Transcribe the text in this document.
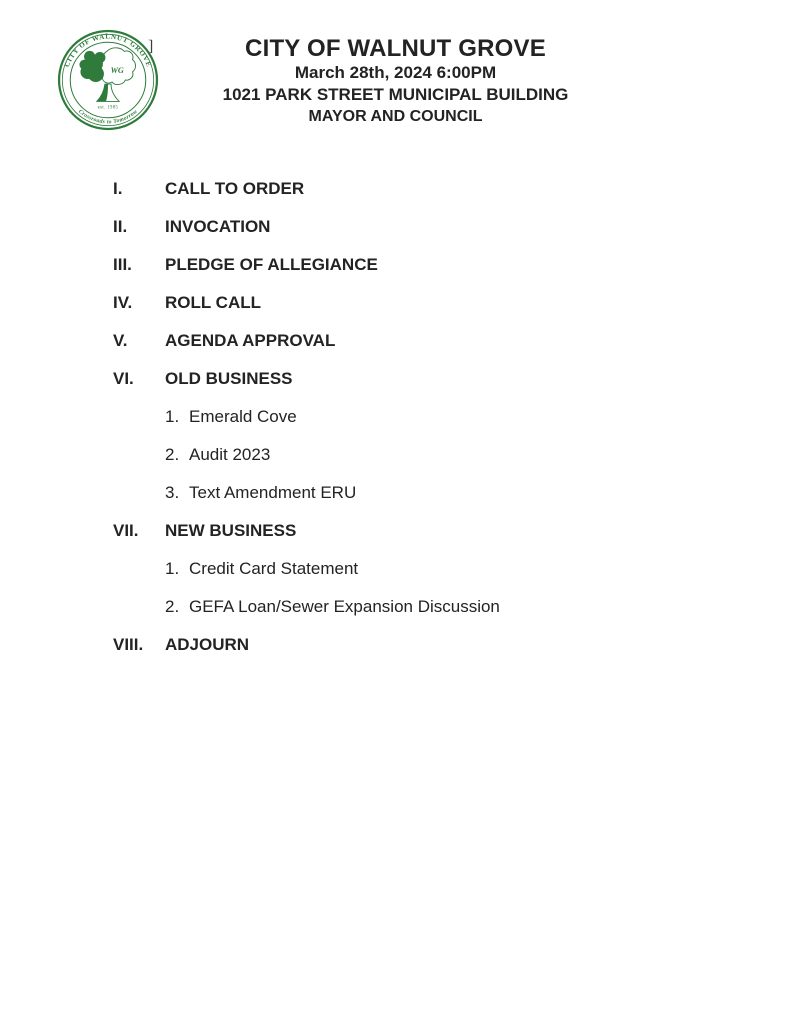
WG
est. 1985
CITY OF WALNUT GROVE
Crossroads to Tomorrow
]	CITY OF WALNUT GROVE
March 28th, 2024 6:00PM
1021 PARK STREET MUNICIPAL BUILDING
MAYOR AND COUNCIL
I.	CALL TO ORDER
II.	INVOCATION
III.	PLEDGE OF ALLEGIANCE
IV.	ROLL CALL
V.	AGENDA APPROVAL
VI.	OLD BUSINESS
1. Emerald Cove
2. Audit 2023
3. Text Amendment ERU
VII.	NEW BUSINESS
1. Credit Card Statement
2. GEFA Loan/Sewer Expansion Discussion
VIII.	ADJOURN
